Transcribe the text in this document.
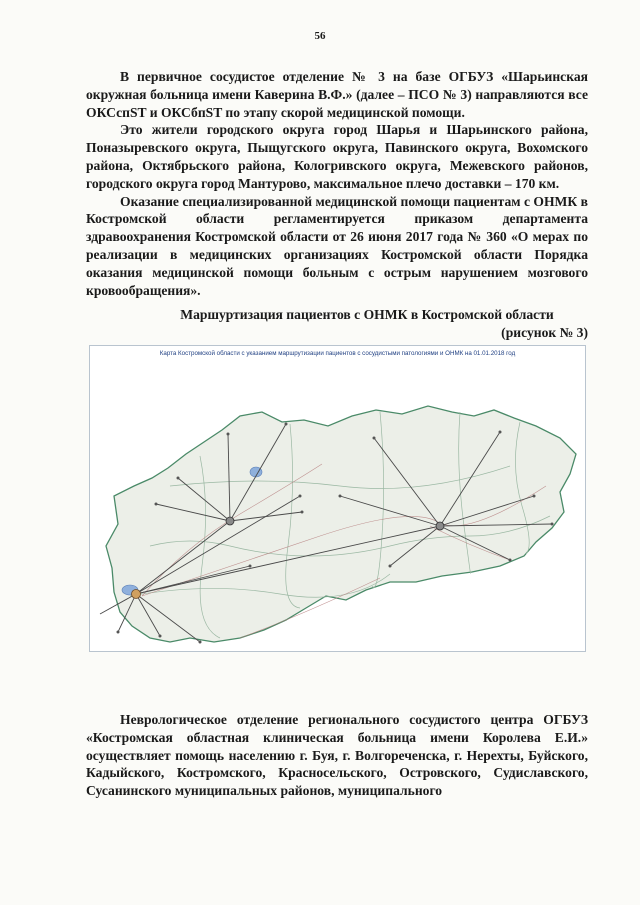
56

В первичное сосудистое отделение № 3 на базе ОГБУЗ «Шарьинская окружная больница имени Каверина В.Ф.» (далее – ПСО № 3) направляются все ОКСспST и ОКСбпST по этапу скорой медицинской помощи.

Это жители городского округа город Шарья и Шарьинского района, Поназыревского округа, Пыщугского округа, Павинского округа, Вохомского района, Октябрьского района, Кологривского округа, Межевского районов, городского округа город Мантурово, максимальное плечо доставки – 170 км.

Оказание специализированной медицинской помощи пациентам с ОНМК в Костромской области регламентируется приказом департамента здравоохранения Костромской области от 26 июня 2017 года № 360 «О мерах по реализации в медицинских организациях Костромской области Порядка оказания медицинской помощи больным с острым нарушением мозгового кровообращения».

Маршуртизация пациентов с ОНМК в Костромской области
(рисунок № 3)
Карта Костромской области с указанием маршрутизации пациентов с сосудистыми патологиями и ОНМК на 01.01.2018 год

Неврологическое отделение регионального сосудистого центра ОГБУЗ «Костромская областная клиническая больница имени Королева Е.И.» осуществляет помощь населению г. Буя, г. Волгореченска, г. Нерехты, Буйского, Кадыйского, Костромского, Красносельского, Островского, Судиславского, Сусанинского муниципальных районов, муниципального
